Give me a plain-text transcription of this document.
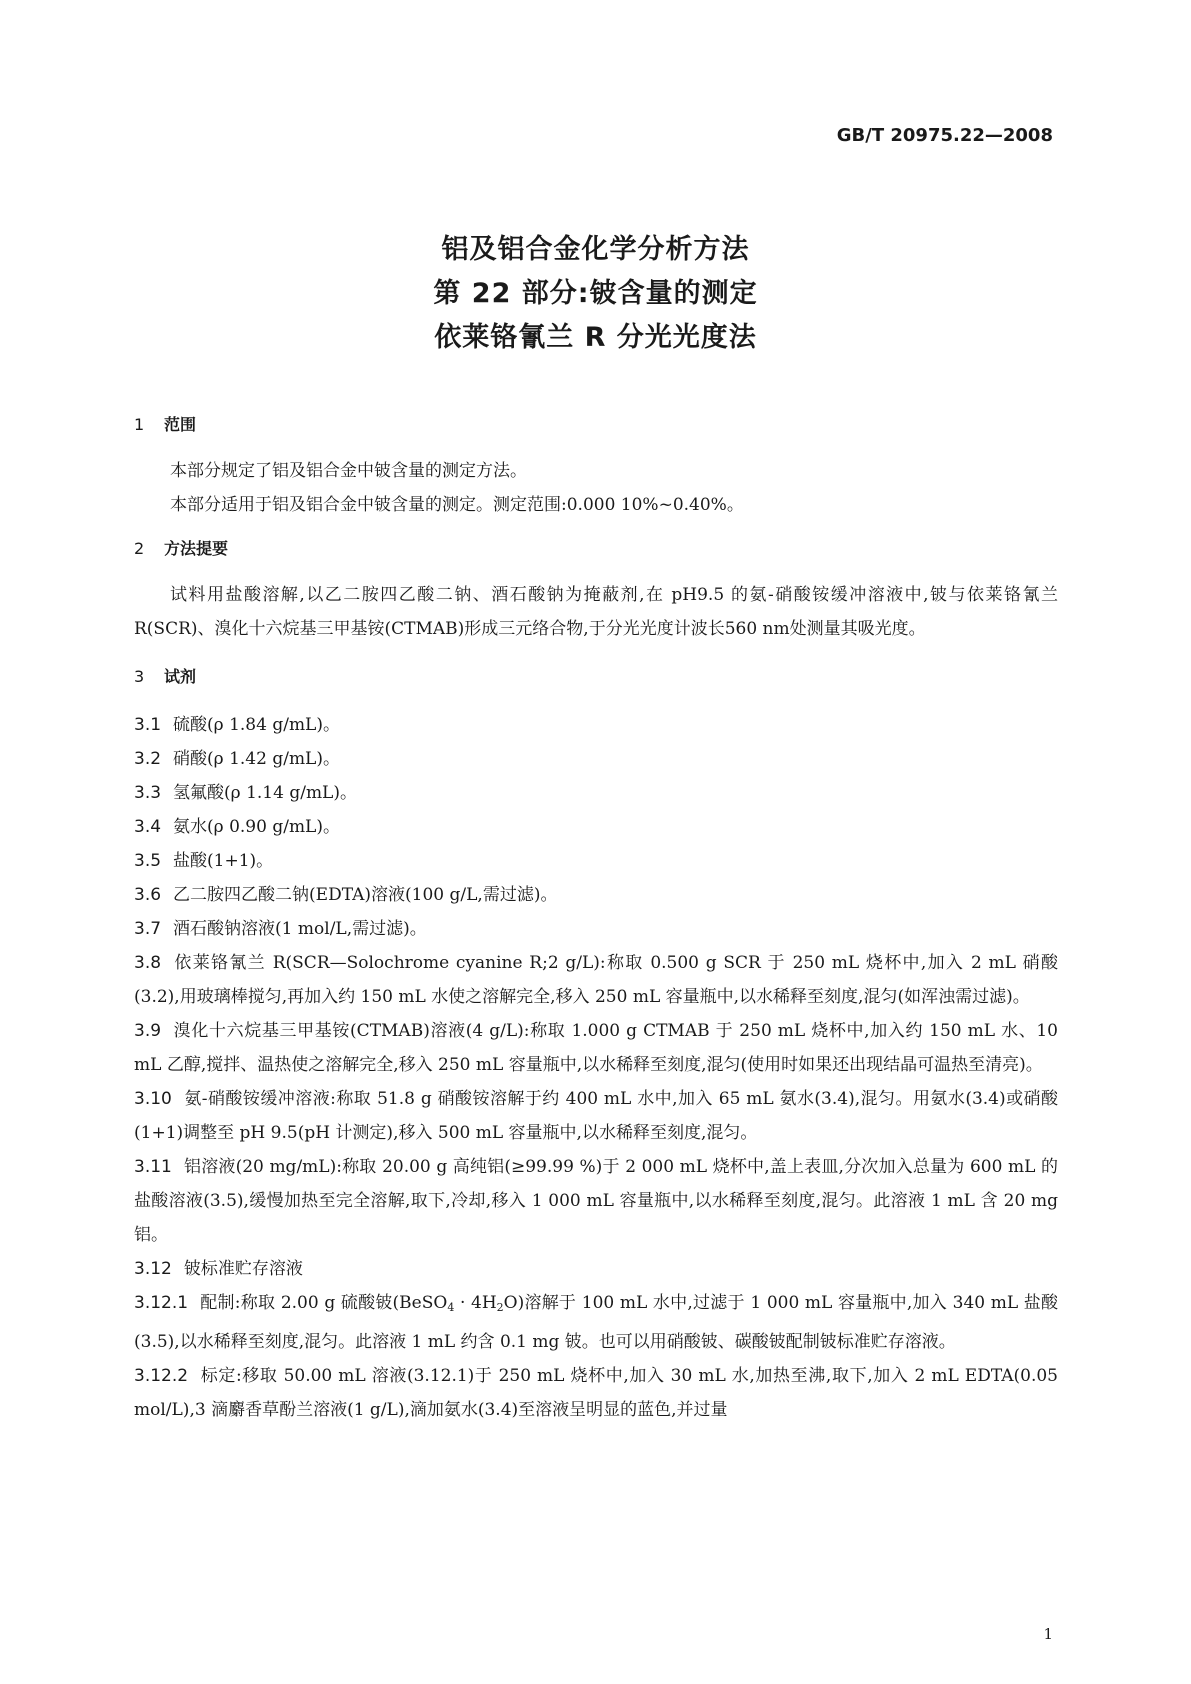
GB/T 20975.22—2008
铝及铝合金化学分析方法
第 22 部分:铍含量的测定
依莱铬氰兰 R 分光光度法
1 范围

本部分规定了铝及铝合金中铍含量的测定方法。

本部分适用于铝及铝合金中铍含量的测定。测定范围:0.000 10%~0.40%。

2 方法提要

试料用盐酸溶解,以乙二胺四乙酸二钠、酒石酸钠为掩蔽剂,在 pH9.5 的氨-硝酸铵缓冲溶液中,铍与依莱铬氰兰 R(SCR)、溴化十六烷基三甲基铵(CTMAB)形成三元络合物,于分光光度计波长560 nm处测量其吸光度。

3 试剂

3.1 硫酸(ρ 1.84 g/mL)。

3.2 硝酸(ρ 1.42 g/mL)。

3.3 氢氟酸(ρ 1.14 g/mL)。

3.4 氨水(ρ 0.90 g/mL)。

3.5 盐酸(1+1)。

3.6 乙二胺四乙酸二钠(EDTA)溶液(100 g/L,需过滤)。

3.7 酒石酸钠溶液(1 mol/L,需过滤)。

3.8 依莱铬氰兰 R(SCR—Solochrome cyanine R;2 g/L):称取 0.500 g SCR 于 250 mL 烧杯中,加入 2 mL 硝酸(3.2),用玻璃棒搅匀,再加入约 150 mL 水使之溶解完全,移入 250 mL 容量瓶中,以水稀释至刻度,混匀(如浑浊需过滤)。

3.9 溴化十六烷基三甲基铵(CTMAB)溶液(4 g/L):称取 1.000 g CTMAB 于 250 mL 烧杯中,加入约 150 mL 水、10 mL 乙醇,搅拌、温热使之溶解完全,移入 250 mL 容量瓶中,以水稀释至刻度,混匀(使用时如果还出现结晶可温热至清亮)。

3.10 氨-硝酸铵缓冲溶液:称取 51.8 g 硝酸铵溶解于约 400 mL 水中,加入 65 mL 氨水(3.4),混匀。用氨水(3.4)或硝酸(1+1)调整至 pH 9.5(pH 计测定),移入 500 mL 容量瓶中,以水稀释至刻度,混匀。

3.11 铝溶液(20 mg/mL):称取 20.00 g 高纯铝(≥99.99 %)于 2 000 mL 烧杯中,盖上表皿,分次加入总量为 600 mL 的盐酸溶液(3.5),缓慢加热至完全溶解,取下,冷却,移入 1 000 mL 容量瓶中,以水稀释至刻度,混匀。此溶液 1 mL 含 20 mg 铝。

3.12 铍标准贮存溶液

3.12.1 配制:称取 2.00 g 硫酸铍(BeSO$_4$ · $4H_2O$)溶解于 100 mL 水中,过滤于 1 000 mL 容量瓶中,加入 340 mL 盐酸(3.5),以水稀释至刻度,混匀。此溶液 1 mL 约含 0.1 mg 铍。也可以用硝酸铍、碳酸铍配制铍标准贮存溶液。

3.12.2 标定:移取 50.00 mL 溶液(3.12.1)于 250 mL 烧杯中,加入 30 mL 水,加热至沸,取下,加入 2 mL EDTA(0.05 mol/L),3 滴麝香草酚兰溶液(1 g/L),滴加氨水(3.4)至溶液呈明显的蓝色,并过量

1
